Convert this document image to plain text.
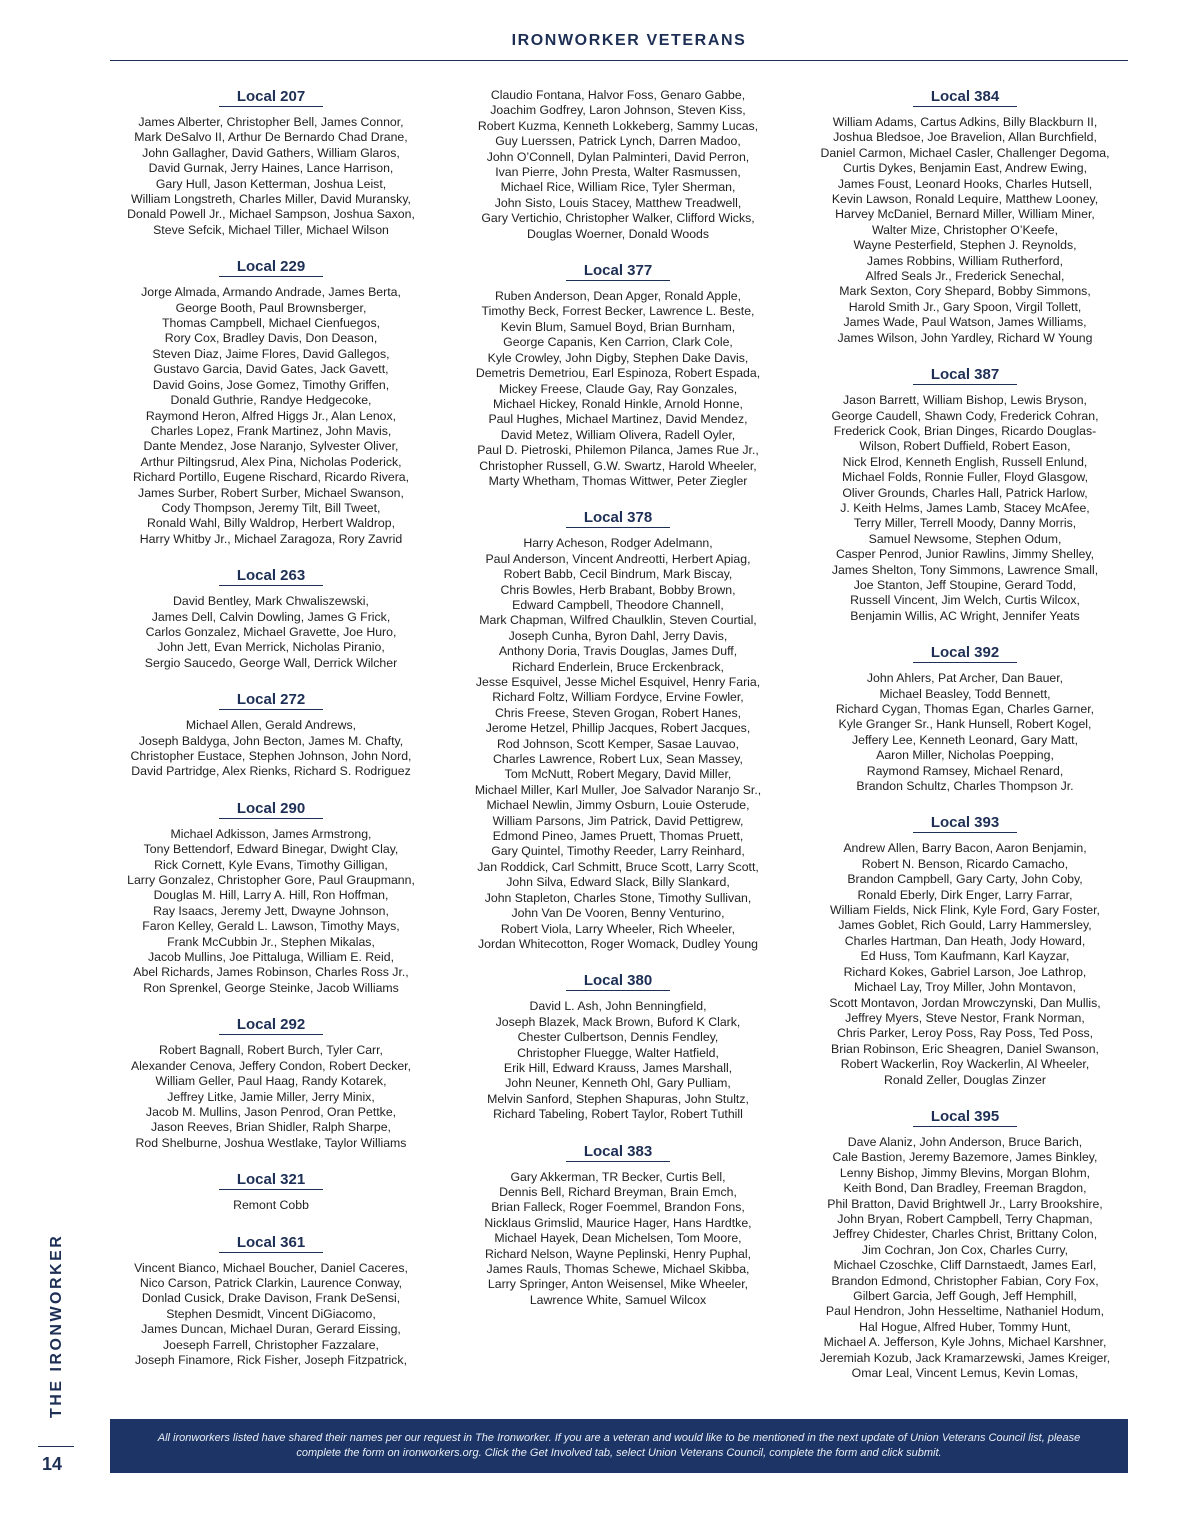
IRONWORKER VETERANS
Local 207
James Alberter, Christopher Bell, James Connor,
Mark DeSalvo II, Arthur De Bernardo Chad Drane,
John Gallagher, David Gathers, William Glaros,
David Gurnak, Jerry Haines, Lance Harrison,
Gary Hull, Jason Ketterman, Joshua Leist,
William Longstreth, Charles Miller, David Muransky,
Donald Powell Jr., Michael Sampson, Joshua Saxon,
Steve Sefcik, Michael Tiller, Michael Wilson
Local 229
Jorge Almada, Armando Andrade, James Berta,
George Booth, Paul Brownsberger,
Thomas Campbell, Michael Cienfuegos,
Rory Cox, Bradley Davis, Don Deason,
Steven Diaz, Jaime Flores, David Gallegos,
Gustavo Garcia, David Gates, Jack Gavett,
David Goins, Jose Gomez, Timothy Griffen,
Donald Guthrie, Randye Hedgecoke,
Raymond Heron, Alfred Higgs Jr., Alan Lenox,
Charles Lopez, Frank Martinez, John Mavis,
Dante Mendez, Jose Naranjo, Sylvester Oliver,
Arthur Piltingsrud, Alex Pina, Nicholas Poderick,
Richard Portillo, Eugene Rischard, Ricardo Rivera,
James Surber, Robert Surber, Michael Swanson,
Cody Thompson, Jeremy Tilt, Bill Tweet,
Ronald Wahl, Billy Waldrop, Herbert Waldrop,
Harry Whitby Jr., Michael Zaragoza, Rory Zavrid
Local 263
David Bentley, Mark Chwaliszewski,
James Dell, Calvin Dowling, James G Frick,
Carlos Gonzalez, Michael Gravette, Joe Huro,
John Jett, Evan Merrick, Nicholas Piranio,
Sergio Saucedo, George Wall, Derrick Wilcher
Local 272
Michael Allen, Gerald Andrews,
Joseph Baldyga, John Becton, James M. Chafty,
Christopher Eustace, Stephen Johnson, John Nord,
David Partridge, Alex Rienks, Richard S. Rodriguez
Local 290
Michael Adkisson, James Armstrong,
Tony Bettendorf, Edward Binegar, Dwight Clay,
Rick Cornett, Kyle Evans, Timothy Gilligan,
Larry Gonzalez, Christopher Gore, Paul Graupmann,
Douglas M. Hill, Larry A. Hill, Ron Hoffman,
Ray Isaacs, Jeremy Jett, Dwayne Johnson,
Faron Kelley, Gerald L. Lawson, Timothy Mays,
Frank McCubbin Jr., Stephen Mikalas,
Jacob Mullins, Joe Pittaluga, William E. Reid,
Abel Richards, James Robinson, Charles Ross Jr.,
Ron Sprenkel, George Steinke, Jacob Williams
Local 292
Robert Bagnall, Robert Burch, Tyler Carr,
Alexander Cenova, Jeffery Condon, Robert Decker,
William Geller, Paul Haag, Randy Kotarek,
Jeffrey Litke, Jamie Miller, Jerry Minix,
Jacob M. Mullins, Jason Penrod, Oran Pettke,
Jason Reeves, Brian Shidler, Ralph Sharpe,
Rod Shelburne, Joshua Westlake, Taylor Williams
Local 321
Remont Cobb
Local 361
Vincent Bianco, Michael Boucher, Daniel Caceres,
Nico Carson, Patrick Clarkin, Laurence Conway,
Donlad Cusick, Drake Davison, Frank DeSensi,
Stephen Desmidt, Vincent DiGiacomo,
James Duncan, Michael Duran, Gerard Eissing,
Joeseph Farrell, Christopher Fazzalare,
Joseph Finamore, Rick Fisher, Joseph Fitzpatrick,
Claudio Fontana, Halvor Foss, Genaro Gabbe,
Joachim Godfrey, Laron Johnson, Steven Kiss,
Robert Kuzma, Kenneth Lokkeberg, Sammy Lucas,
Guy Luerssen, Patrick Lynch, Darren Madoo,
John O’Connell, Dylan Palminteri, David Perron,
Ivan Pierre, John Presta, Walter Rasmussen,
Michael Rice, William Rice, Tyler Sherman,
John Sisto, Louis Stacey, Matthew Treadwell,
Gary Vertichio, Christopher Walker, Clifford Wicks,
Douglas Woerner, Donald Woods
Local 377
Ruben Anderson, Dean Apger, Ronald Apple,
Timothy Beck, Forrest Becker, Lawrence L. Beste,
Kevin Blum, Samuel Boyd, Brian Burnham,
George Capanis, Ken Carrion, Clark Cole,
Kyle Crowley, John Digby, Stephen Dake Davis,
Demetris Demetriou, Earl Espinoza, Robert Espada,
Mickey Freese, Claude Gay, Ray Gonzales,
Michael Hickey, Ronald Hinkle, Arnold Honne,
Paul Hughes, Michael Martinez, David Mendez,
David Metez, William Olivera, Radell Oyler,
Paul D. Pietroski, Philemon Pilanca, James Rue Jr.,
Christopher Russell, G.W. Swartz, Harold Wheeler,
Marty Whetham, Thomas Wittwer, Peter Ziegler
Local 378
Harry Acheson, Rodger Adelmann,
Paul Anderson, Vincent Andreotti, Herbert Apiag,
Robert Babb, Cecil Bindrum, Mark Biscay,
Chris Bowles, Herb Brabant, Bobby Brown,
Edward Campbell, Theodore Channell,
Mark Chapman, Wilfred Chaulklin, Steven Courtial,
Joseph Cunha, Byron Dahl, Jerry Davis,
Anthony Doria, Travis Douglas, James Duff,
Richard Enderlein, Bruce Erckenbrack,
Jesse Esquivel, Jesse Michel Esquivel, Henry Faria,
Richard Foltz, William Fordyce, Ervine Fowler,
Chris Freese, Steven Grogan, Robert Hanes,
Jerome Hetzel, Phillip Jacques, Robert Jacques,
Rod Johnson, Scott Kemper, Sasae Lauvao,
Charles Lawrence, Robert Lux, Sean Massey,
Tom McNutt, Robert Megary, David Miller,
Michael Miller, Karl Muller, Joe Salvador Naranjo Sr.,
Michael Newlin, Jimmy Osburn, Louie Osterude,
William Parsons, Jim Patrick, David Pettigrew,
Edmond Pineo, James Pruett, Thomas Pruett,
Gary Quintel, Timothy Reeder, Larry Reinhard,
Jan Roddick, Carl Schmitt, Bruce Scott, Larry Scott,
John Silva, Edward Slack, Billy Slankard,
John Stapleton, Charles Stone, Timothy Sullivan,
John Van De Vooren, Benny Venturino,
Robert Viola, Larry Wheeler, Rich Wheeler,
Jordan Whitecotton, Roger Womack, Dudley Young
Local 380
David L. Ash, John Benningfield,
Joseph Blazek, Mack Brown, Buford K Clark,
Chester Culbertson, Dennis Fendley,
Christopher Fluegge, Walter Hatfield,
Erik Hill, Edward Krauss, James Marshall,
John Neuner, Kenneth Ohl, Gary Pulliam,
Melvin Sanford, Stephen Shapuras, John Stultz,
Richard Tabeling, Robert Taylor, Robert Tuthill
Local 383
Gary Akkerman, TR Becker, Curtis Bell,
Dennis Bell, Richard Breyman, Brain Emch,
Brian Falleck, Roger Foemmel, Brandon Fons,
Nicklaus Grimslid, Maurice Hager, Hans Hardtke,
Michael Hayek, Dean Michelsen, Tom Moore,
Richard Nelson, Wayne Peplinski, Henry Puphal,
James Rauls, Thomas Schewe, Michael Skibba,
Larry Springer, Anton Weisensel, Mike Wheeler,
Lawrence White, Samuel Wilcox
Local 384
William Adams, Cartus Adkins, Billy Blackburn II,
Joshua Bledsoe, Joe Bravelion, Allan Burchfield,
Daniel Carmon, Michael Casler, Challenger Degoma,
Curtis Dykes, Benjamin East, Andrew Ewing,
James Foust, Leonard Hooks, Charles Hutsell,
Kevin Lawson, Ronald Lequire, Matthew Looney,
Harvey McDaniel, Bernard Miller, William Miner,
Walter Mize, Christopher O’Keefe,
Wayne Pesterfield, Stephen J. Reynolds,
James Robbins, William Rutherford,
Alfred Seals Jr., Frederick Senechal,
Mark Sexton, Cory Shepard, Bobby Simmons,
Harold Smith Jr., Gary Spoon, Virgil Tollett,
James Wade, Paul Watson, James Williams,
James Wilson, John Yardley, Richard W Young
Local 387
Jason Barrett, William Bishop, Lewis Bryson,
George Caudell, Shawn Cody, Frederick Cohran,
Frederick Cook, Brian Dinges, Ricardo Douglas-
Wilson, Robert Duffield, Robert Eason,
Nick Elrod, Kenneth English, Russell Enlund,
Michael Folds, Ronnie Fuller, Floyd Glasgow,
Oliver Grounds, Charles Hall, Patrick Harlow,
J. Keith Helms, James Lamb, Stacey McAfee,
Terry Miller, Terrell Moody, Danny Morris,
Samuel Newsome, Stephen Odum,
Casper Penrod, Junior Rawlins, Jimmy Shelley,
James Shelton, Tony Simmons, Lawrence Small,
Joe Stanton, Jeff Stoupine, Gerard Todd,
Russell Vincent, Jim Welch, Curtis Wilcox,
Benjamin Willis, AC Wright, Jennifer Yeats
Local 392
John Ahlers, Pat Archer, Dan Bauer,
Michael Beasley, Todd Bennett,
Richard Cygan, Thomas Egan, Charles Garner,
Kyle Granger Sr., Hank Hunsell, Robert Kogel,
Jeffery Lee, Kenneth Leonard, Gary Matt,
Aaron Miller, Nicholas Poepping,
Raymond Ramsey, Michael Renard,
Brandon Schultz, Charles Thompson Jr.
Local 393
Andrew Allen, Barry Bacon, Aaron Benjamin,
Robert N. Benson, Ricardo Camacho,
Brandon Campbell, Gary Carty, John Coby,
Ronald Eberly, Dirk Enger, Larry Farrar,
William Fields, Nick Flink, Kyle Ford, Gary Foster,
James Goblet, Rich Gould, Larry Hammersley,
Charles Hartman, Dan Heath, Jody Howard,
Ed Huss, Tom Kaufmann, Karl Kayzar,
Richard Kokes, Gabriel Larson, Joe Lathrop,
Michael Lay, Troy Miller, John Montavon,
Scott Montavon, Jordan Mrowczynski, Dan Mullis,
Jeffrey Myers, Steve Nestor, Frank Norman,
Chris Parker, Leroy Poss, Ray Poss, Ted Poss,
Brian Robinson, Eric Sheagren, Daniel Swanson,
Robert Wackerlin, Roy Wackerlin, Al Wheeler,
Ronald Zeller, Douglas Zinzer
Local 395
Dave Alaniz, John Anderson, Bruce Barich,
Cale Bastion, Jeremy Bazemore, James Binkley,
Lenny Bishop, Jimmy Blevins, Morgan Blohm,
Keith Bond, Dan Bradley, Freeman Bragdon,
Phil Bratton, David Brightwell Jr., Larry Brookshire,
John Bryan, Robert Campbell, Terry Chapman,
Jeffrey Chidester, Charles Christ, Brittany Colon,
Jim Cochran, Jon Cox, Charles Curry,
Michael Czoschke, Cliff Darnstaedt, James Earl,
Brandon Edmond, Christopher Fabian, Cory Fox,
Gilbert Garcia, Jeff Gough, Jeff Hemphill,
Paul Hendron, John Hesseltime, Nathaniel Hodum,
Hal Hogue, Alfred Huber, Tommy Hunt,
Michael A. Jefferson, Kyle Johns, Michael Karshner,
Jeremiah Kozub, Jack Kramarzewski, James Kreiger,
Omar Leal, Vincent Lemus, Kevin Lomas,
THE IRONWORKER
14

All ironworkers listed have shared their names per our request in The Ironworker. If you are a veteran and would like to be mentioned in the next update of Union Veterans Council list, please complete the form on ironworkers.org. Click the Get Involved tab, select Union Veterans Council, complete the form and click submit.
